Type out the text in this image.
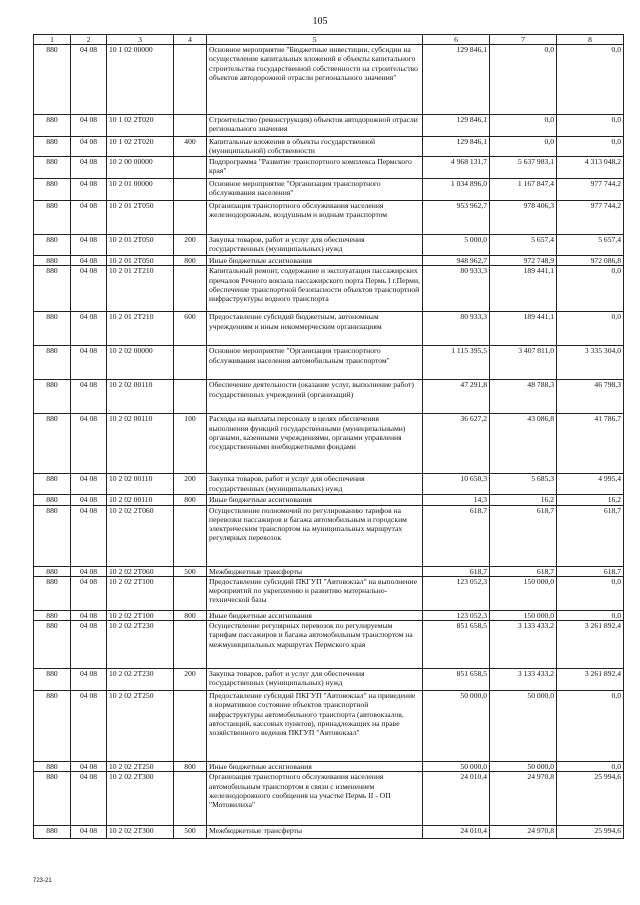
105
1	2	3	4	5	6	7	8
880	04 08	10 1 02 00000		Основное мероприятие "Бюджетные инвестиции, субсидии на осуществление капитальных вложений в объекты капитального строительства государственной собственности на строительство объектов автодорожной отрасли регионального значения"	129 846,1	0,0	0,0
880	04 08	10 1 02 2Т020		Строительство (реконструкция) объектов автодорожной отрасли регионального значения	129 846,1	0,0	0,0
880	04 08	10 1 02 2Т020	400	Капитальные вложения в объекты государственной (муниципальной) собственности	129 846,1	0,0	0,0
880	04 08	10 2 00 00000		Подпрограмма "Развитие транспортного комплекса Пермского края"	4 968 131,7	5 637 983,1	4 313 048,2
880	04 08	10 2 01 00000		Основное мероприятие "Организация транспортного обслуживания населения"	1 034 896,0	1 167 847,4	977 744,2
880	04 08	10 2 01 2Т050		Организация транспортного обслуживания населения железнодорожным, воздушным и водным транспортом	953 962,7	978 406,3	977 744,2
880	04 08	10 2 01 2Т050	200	Закупка товаров, работ и услуг для обеспечения государственных (муниципальных) нужд	5 000,0	5 657,4	5 657,4
880	04 08	10 2 01 2Т050	800	Иные бюджетные ассигнования	948 962,7	972 748,9	972 086,8
880	04 08	10 2 01 2Т210		Капитальный ремонт, содержание и эксплуатация пассажирских причалов Речного вокзала пассажирского порта Пермь I г.Перми, обеспечение транспортной безопасности объектов транспортной инфраструктуры водного транспорта	80 933,3	189 441,1	0,0
880	04 08	10 2 01 2Т210	600	Предоставление субсидий бюджетным, автономным учреждениям и иным некоммерческим организациям	80 933,3	189 441,1	0,0
880	04 08	10 2 02 00000		Основное мероприятие "Организация транспортного обслуживания населения автомобильным транспортом"	1 115 395,5	3 407 811,0	3 335 304,0
880	04 08	10 2 02 00110		Обеспечение деятельности (оказание услуг, выполнение работ) государственных учреждений (организаций)	47 291,8	48 788,3	46 798,3
880	04 08	10 2 02 00110	100	Расходы на выплаты персоналу в целях обеспечения выполнения функций государственными (муниципальными) органами, казенными учреждениями, органами управления государственными внебюджетными фондами	36 627,2	43 086,8	41 786,7
880	04 08	10 2 02 00110	200	Закупка товаров, работ и услуг для обеспечения государственных (муниципальных) нужд	10 650,3	5 685,3	4 995,4
880	04 08	10 2 02 00110	800	Иные бюджетные ассигнования	14,3	16,2	16,2
880	04 08	10 2 02 2Т060		Осуществление полномочий по регулированию тарифов на перевозки пассажиров и багажа автомобильным и городским электрическим транспортом на муниципальных маршрутах регулярных перевозок	618,7	618,7	618,7
880	04 08	10 2 02 2Т060	500	Межбюджетные трансферты	618,7	618,7	618,7
880	04 08	10 2 02 2Т100		Предоставление субсидий ПКГУП "Автовокзал" на выполнение мероприятий по укреплению и развитию материально-технической базы	123 052,3	150 000,0	0,0
880	04 08	10 2 02 2Т100	800	Иные бюджетные ассигнования	123 052,3	150 000,0	0,0
880	04 08	10 2 02 2Т230		Осуществление регулярных перевозок по регулируемым тарифам пассажиров и багажа автомобильным транспортом на межмуниципальных маршрутах Пермского края	851 658,5	3 133 433,2	3 261 892,4
880	04 08	10 2 02 2Т230	200	Закупка товаров, работ и услуг для обеспечения государственных (муниципальных) нужд	851 658,5	3 133 433,2	3 261 892,4
880	04 08	10 2 02 2Т250		Предоставление субсидий ПКГУП "Автовокзал" на приведение в нормативное состояние объектов транспортной инфраструктуры автомобильного транспорта (автовокзалов, автостанций, кассовых пунктов), принадлежащих на праве хозяйственного ведения ПКГУП "Автовокзал"	50 000,0	50 000,0	0,0
880	04 08	10 2 02 2Т250	800	Иные бюджетные ассигнования	50 000,0	50 000,0	0,0
880	04 08	10 2 02 2Т300		Организация транспортного обслуживания населения автомобильным транспортом в связи с изменением железнодорожного сообщения на участке Пермь II - ОП "Мотовилиха"	24 010,4	24 970,8	25 994,6
880	04 08	10 2 02 2Т300	500	Межбюджетные трансферты	24 010,4	24 970,8	25 994,6
723-21
